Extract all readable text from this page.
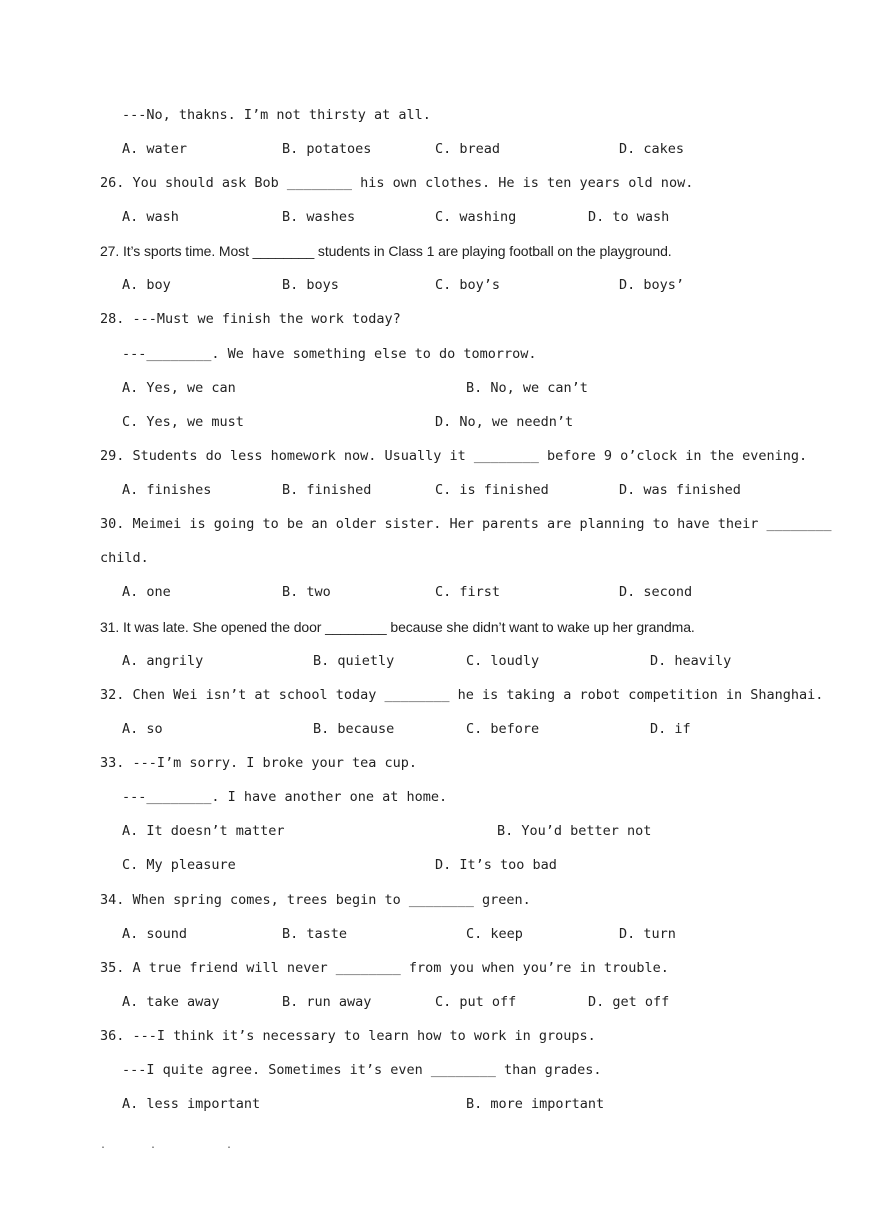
---No, thakns. I’m not thirsty at all.
A. water	B. potatoes	C. bread	D. cakes
26. You should ask Bob ________ his own clothes. He is ten years old now.
A. wash	B. washes	C. washing	D. to wash
27. It’s sports time. Most ________ students in Class 1 are playing football on the playground.
A. boy	B. boys	C. boy’s	D. boys’
28. ---Must we finish the work today?
---________. We have something else to do tomorrow.
A. Yes, we can	B. No, we can’t
C. Yes, we must	D. No, we needn’t
29. Students do less homework now. Usually it ________ before 9 o’clock in the evening.
A. finishes	B. finished	C. is finished	D. was finished
30. Meimei is going to be an older sister. Her parents are planning to have their ________
child.
A. one	B. two	C. first	D. second
31. It was late. She opened the door ________ because she didn’t want to wake up her grandma.
A. angrily	B. quietly	C. loudly	D. heavily
32. Chen Wei isn’t at school today ________ he is taking a robot competition in Shanghai.
A. so	B. because	C. before	D. if
33. ---I’m sorry. I broke your tea cup.
---________. I have another one at home.
A. It doesn’t matter	B. You’d better not
C. My pleasure	D. It’s too bad
34. When spring comes, trees begin to ________ green.
A. sound	B. taste	C. keep	D. turn
35. A true friend will never ________ from you when you’re in trouble.
A. take away	B. run away	C. put off	D. get off
36. ---I think it’s necessary to learn how to work in groups.
---I quite agree. Sometimes it’s even ________ than grades.
A. less important	B. more important
.	.	.
